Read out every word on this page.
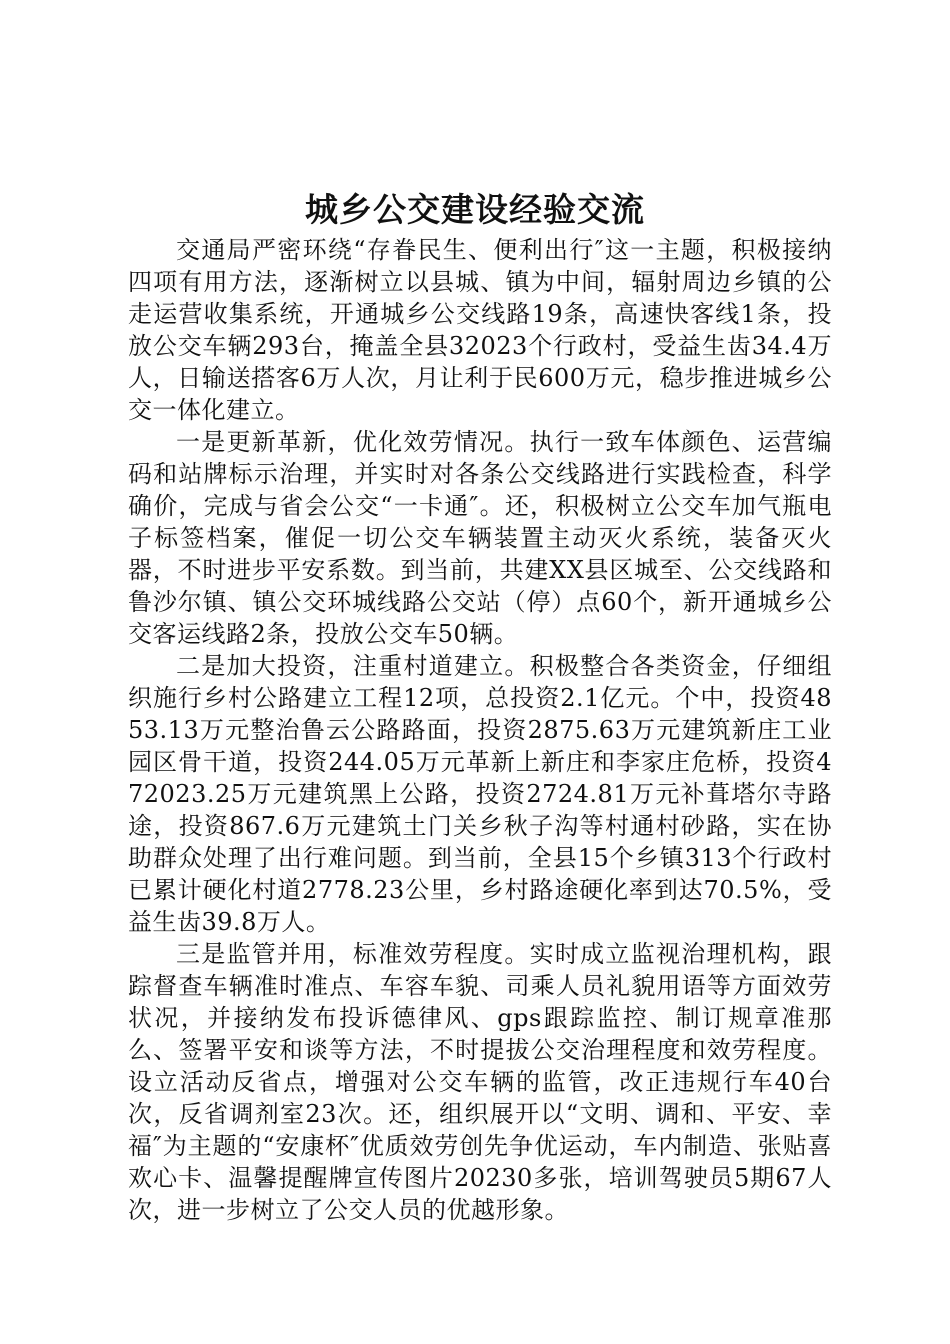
城乡公交建设经验交流

交通局严密环绕“存眷民生、便利出行″这一主题，积极接纳四项有用方法，逐渐树立以县城、镇为中间，辐射周边乡镇的公走运营收集系统，开通城乡公交线路19条，高速快客线1条，投放公交车辆293台，掩盖全县32023个行政村，受益生齿34.4万人，日输送搭客6万人次，月让利于民600万元，稳步推进城乡公交一体化建立。

一是更新革新，优化效劳情况。执行一致车体颜色、运营编码和站牌标示治理，并实时对各条公交线路进行实践检查，科学确价，完成与省会公交“一卡通″。还，积极树立公交车加气瓶电子标签档案，催促一切公交车辆装置主动灭火系统，装备灭火器，不时进步平安系数。到当前，共建XX县区城至、公交线路和鲁沙尔镇、镇公交环城线路公交站（停）点60个，新开通城乡公交客运线路2条，投放公交车50辆。

二是加大投资，注重村道建立。积极整合各类资金，仔细组织施行乡村公路建立工程12项，总投资2.1亿元。个中，投资4853.13万元整治鲁云公路路面，投资2875.63万元建筑新庄工业园区骨干道，投资244.05万元革新上新庄和李家庄危桥，投资472023.25万元建筑黑上公路，投资2724.81万元补葺塔尔寺路途，投资867.6万元建筑土门关乡秋子沟等村通村砂路，实在协助群众处理了出行难问题。到当前，全县15个乡镇313个行政村已累计硬化村道2778.23公里，乡村路途硬化率到达70.5%，受益生齿39.8万人。

三是监管并用，标准效劳程度。实时成立监视治理机构，跟踪督查车辆准时准点、车容车貌、司乘人员礼貌用语等方面效劳状况，并接纳发布投诉德律风、gps跟踪监控、制订规章准那么、签署平安和谈等方法，不时提拔公交治理程度和效劳程度。设立活动反省点，增强对公交车辆的监管，改正违规行车40台次，反省调剂室23次。还，组织展开以“文明、调和、平安、幸福″为主题的“安康杯″优质效劳创先争优运动，车内制造、张贴喜欢心卡、温馨提醒牌宣传图片20230多张，培训驾驶员5期67人次，进一步树立了公交人员的优越形象。
